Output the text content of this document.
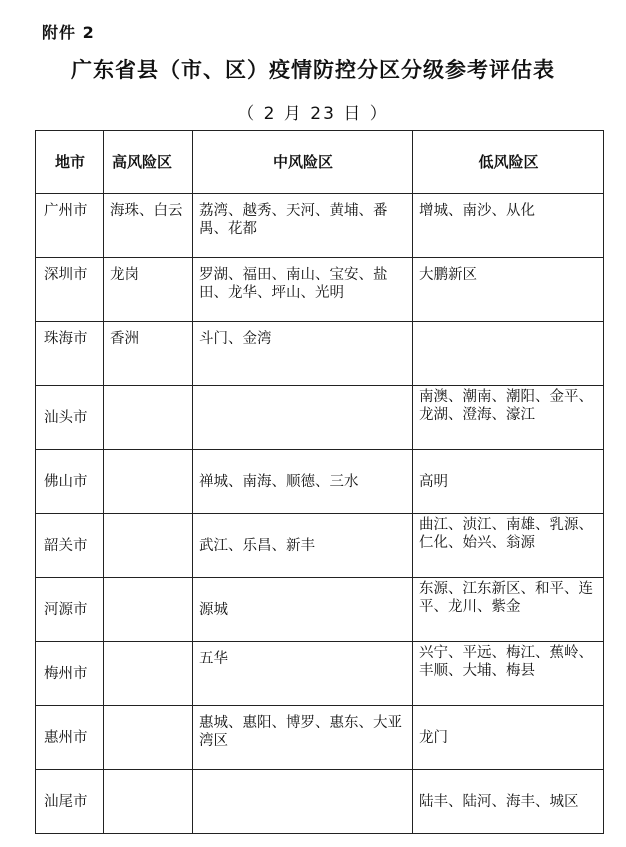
附件 2
广东省县（市、区）疫情防控分区分级参考评估表
（ 2 月 23 日 ）
地市	高风险区	中风险区	低风险区
广州市	海珠、白云	荔湾、越秀、天河、黄埔、番禺、花都	增城、南沙、从化
深圳市	龙岗	罗湖、福田、南山、宝安、盐田、龙华、坪山、光明	大鹏新区
珠海市	香洲	斗门、金湾	
汕头市			南澳、潮南、潮阳、金平、龙湖、澄海、濠江
佛山市		禅城、南海、顺德、三水	高明
韶关市		武江、乐昌、新丰	曲江、浈江、南雄、乳源、仁化、始兴、翁源
河源市		源城	东源、江东新区、和平、连平、龙川、紫金
梅州市		五华	兴宁、平远、梅江、蕉岭、丰顺、大埔、梅县
惠州市		惠城、惠阳、博罗、惠东、大亚湾区	龙门
汕尾市			陆丰、陆河、海丰、城区
